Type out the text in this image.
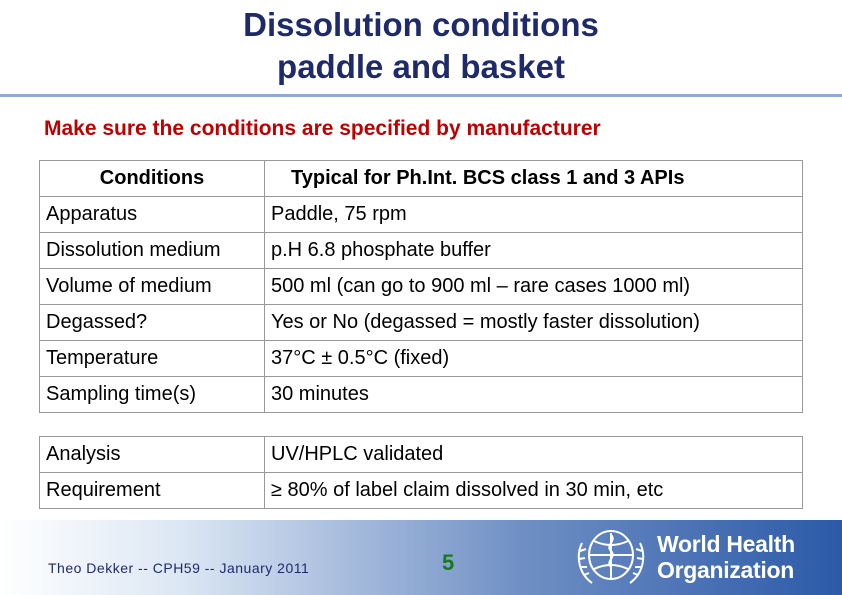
Dissolution conditions
paddle and basket
Make sure the conditions are specified by manufacturer
Conditions	Typical for Ph.Int. BCS class 1 and 3 APIs
Apparatus	Paddle, 75 rpm
Dissolution medium	p.H 6.8 phosphate buffer
Volume of medium	500 ml (can go to 900 ml – rare cases 1000 ml)
Degassed?	Yes or No (degassed = mostly faster dissolution)
Temperature	37°C ± 0.5°C (fixed)
Sampling time(s)	30 minutes
Analysis	UV/HPLC validated
Requirement	≥ 80% of label claim dissolved in 30 min, etc
Theo Dekker -- CPH59 -- January 2011	5
World Health
Organization
